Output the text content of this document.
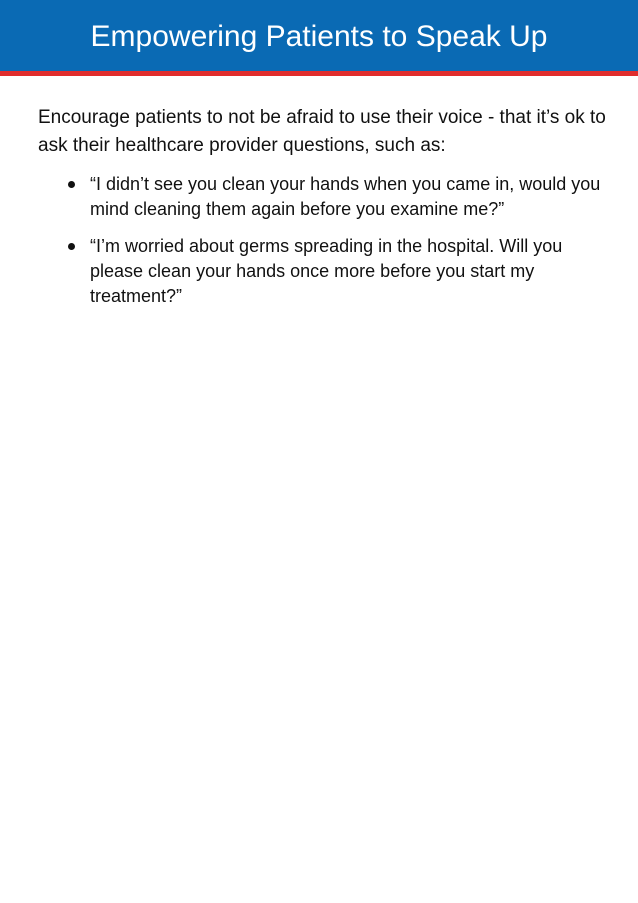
Empowering Patients to Speak Up

Encourage patients to not be afraid to use their voice - that it’s ok to ask their healthcare provider questions, such as:

“I didn’t see you clean your hands when you came in, would you mind cleaning them again before you examine me?”
“I’m worried about germs spreading in the hospital. Will you please clean your hands once more before you start my treatment?”
